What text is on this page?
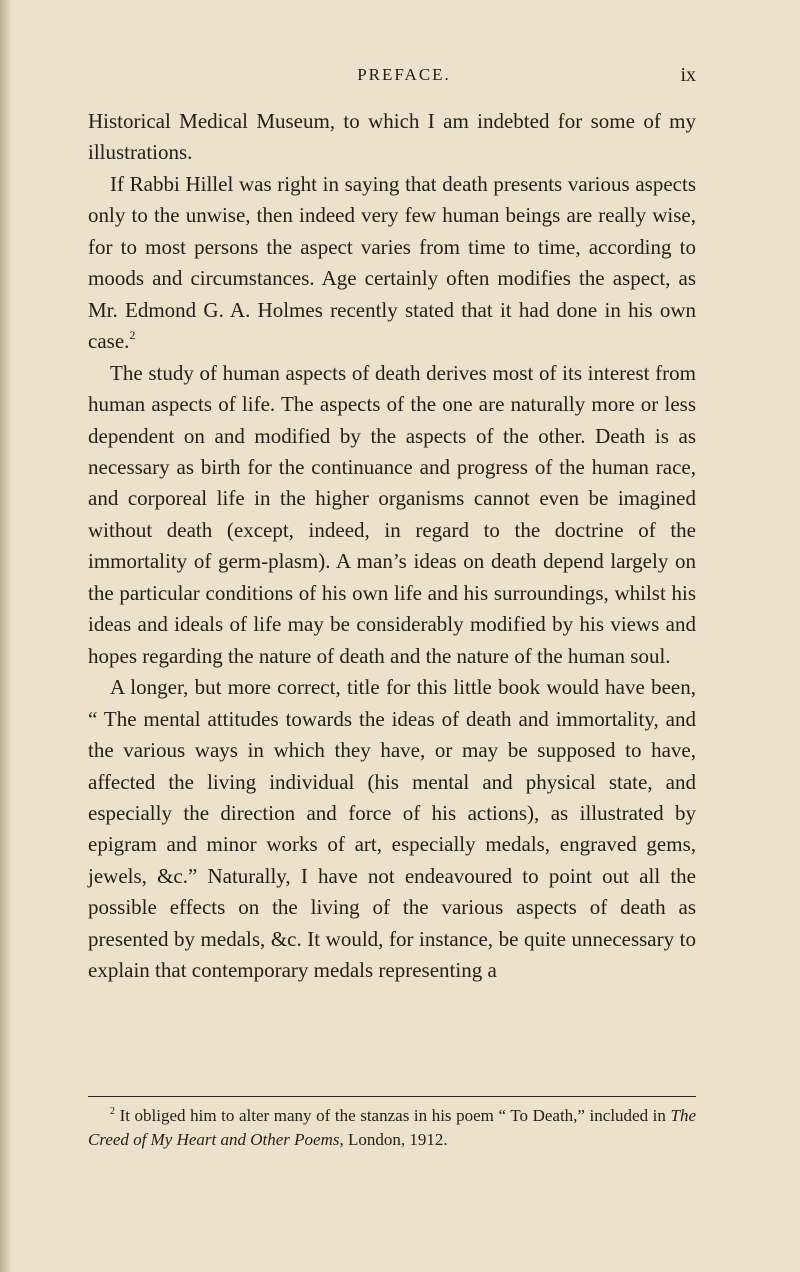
PREFACE.	ix

Historical Medical Museum, to which I am indebted for some of my illustrations.

If Rabbi Hillel was right in saying that death presents various aspects only to the unwise, then indeed very few human beings are really wise, for to most persons the aspect varies from time to time, according to moods and circumstances. Age certainly often modifies the aspect, as Mr. Edmond G. A. Holmes recently stated that it had done in his own case.$^2$

The study of human aspects of death derives most of its interest from human aspects of life. The aspects of the one are naturally more or less dependent on and modified by the aspects of the other. Death is as necessary as birth for the continuance and progress of the human race, and corporeal life in the higher organisms cannot even be imagined without death (except, indeed, in regard to the doctrine of the immortality of germ-plasm). A man’s ideas on death depend largely on the particular conditions of his own life and his surroundings, whilst his ideas and ideals of life may be considerably modified by his views and hopes regarding the nature of death and the nature of the human soul.

A longer, but more correct, title for this little book would have been, “ The mental attitudes towards the ideas of death and immortality, and the various ways in which they have, or may be supposed to have, affected the living individual (his mental and physical state, and especially the direction and force of his actions), as illustrated by epigram and minor works of art, especially medals, engraved gems, jewels, &c.” Naturally, I have not endeavoured to point out all the possible effects on the living of the various aspects of death as presented by medals, &c. It would, for instance, be quite unnecessary to explain that contemporary medals representing a

$^2$ It obliged him to alter many of the stanzas in his poem “ To Death,” included in The Creed of My Heart and Other Poems, London, 1912.
